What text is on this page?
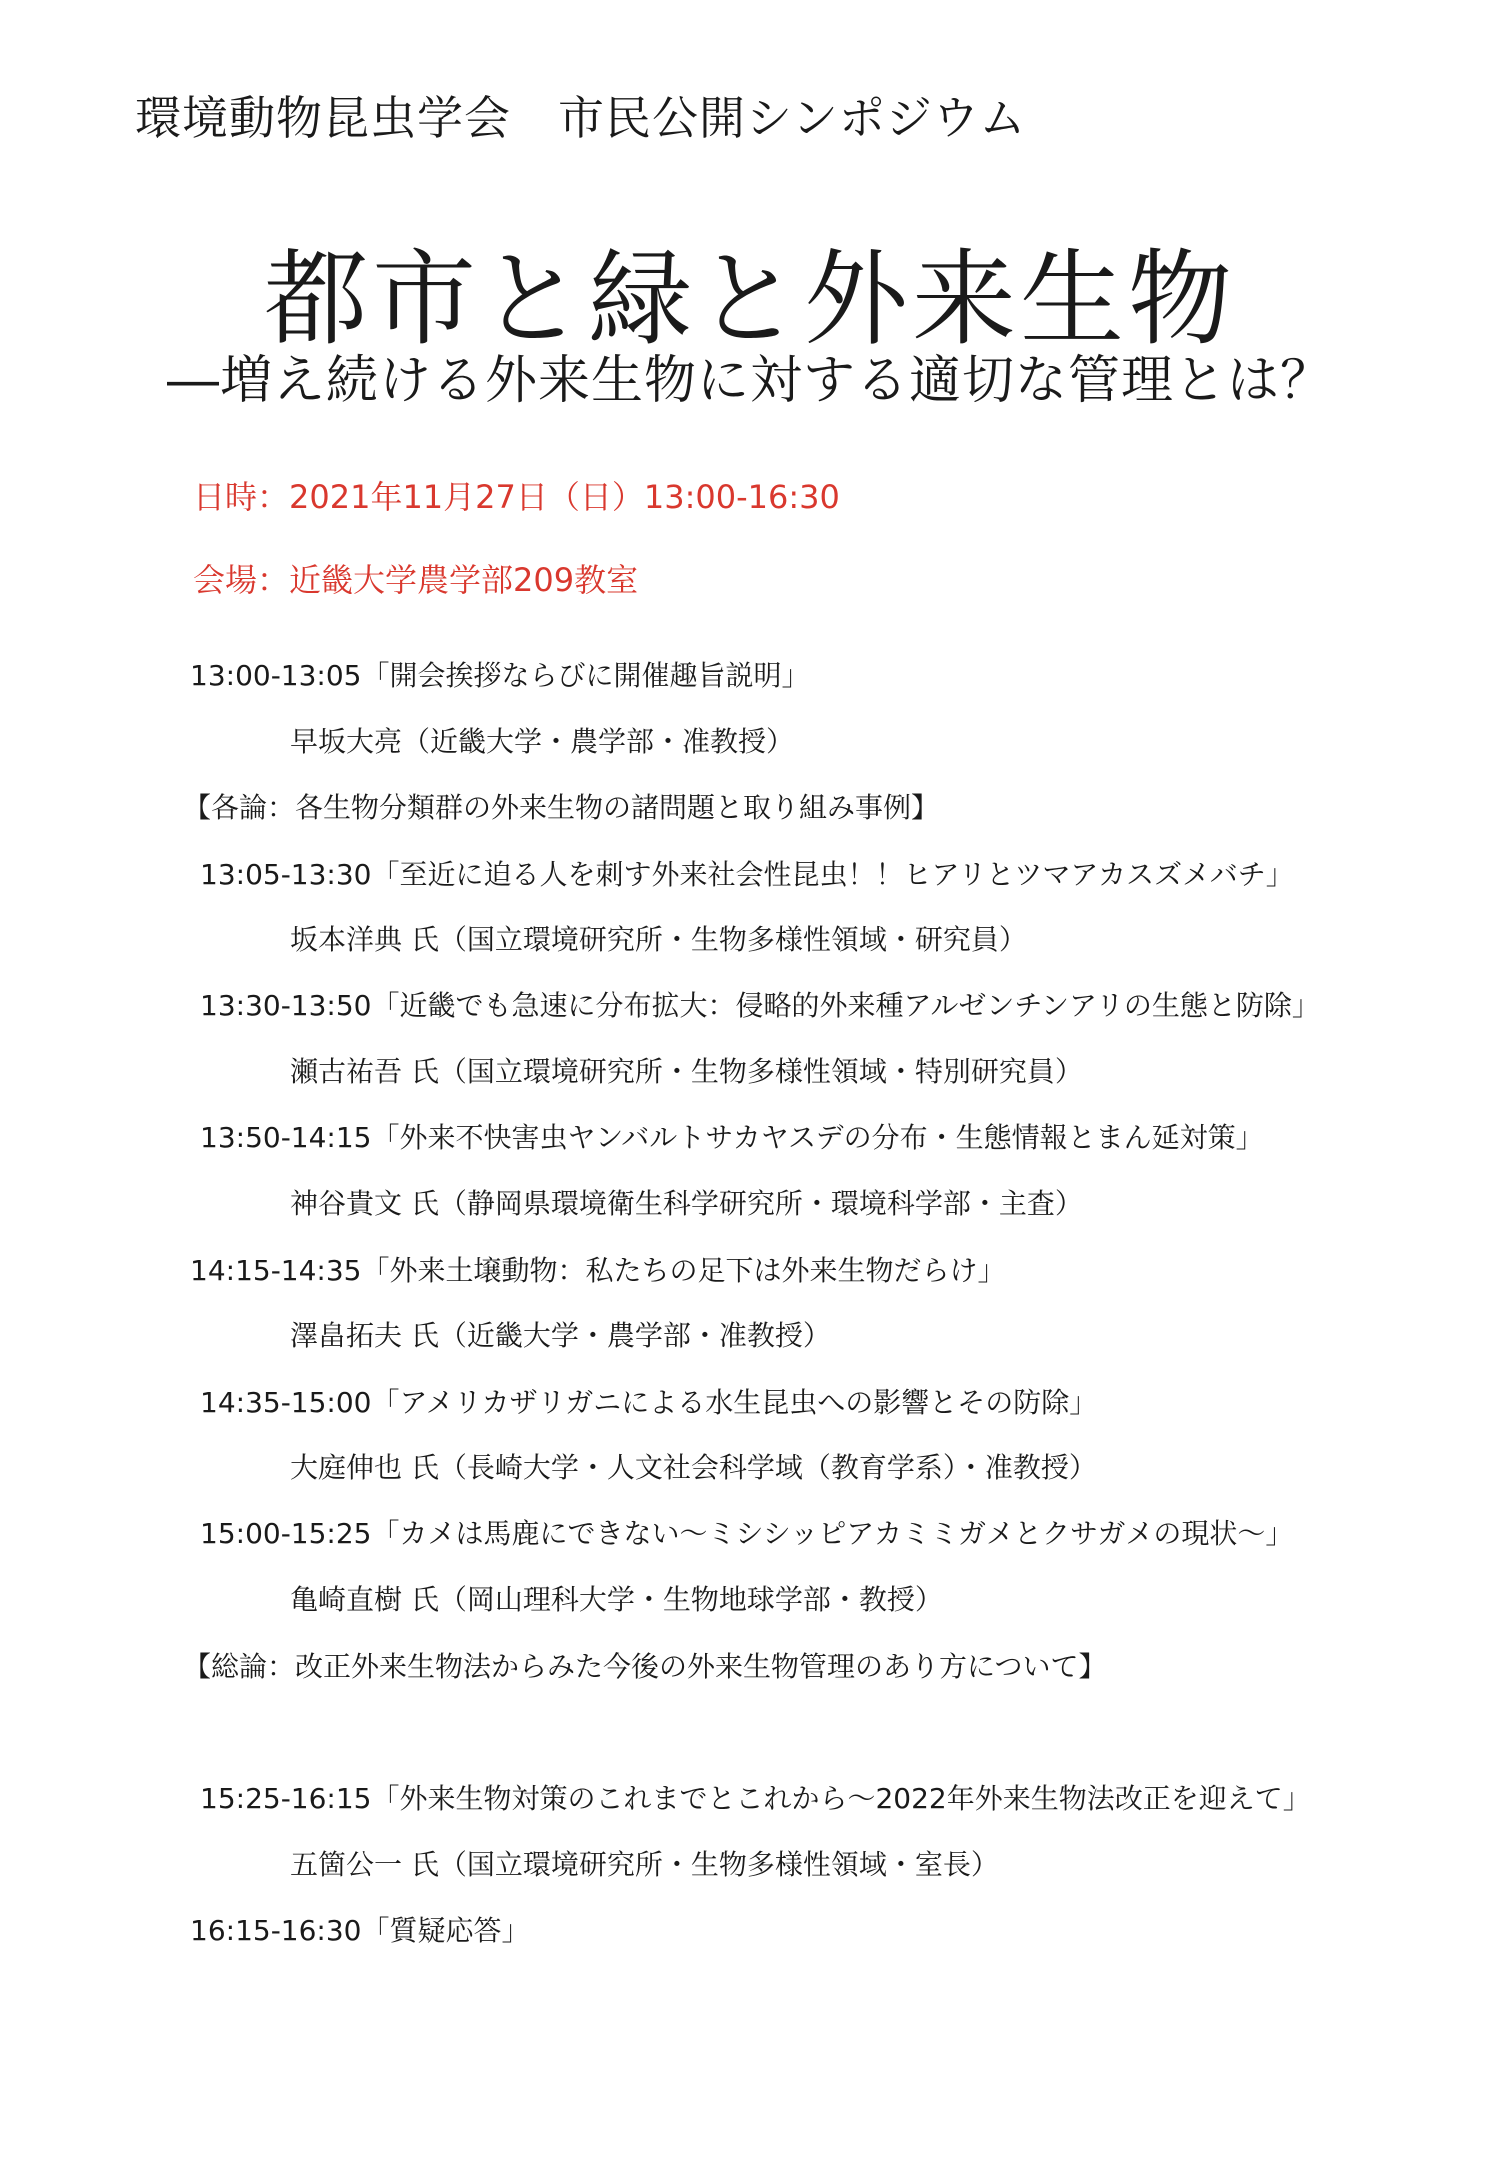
環境動物昆虫学会　市民公開シンポジウム
都市と緑と外来生物
―増え続ける外来生物に対する適切な管理とは？
日時：2021年11月27日（日）13:00-16:30
会場：近畿大学農学部209教室
13:00-13:05「開会挨拶ならびに開催趣旨説明」
早坂大亮（近畿大学・農学部・准教授）
【各論：各生物分類群の外来生物の諸問題と取り組み事例】
13:05-13:30「至近に迫る人を刺す外来社会性昆虫！！ヒアリとツマアカスズメバチ」
坂本洋典 氏（国立環境研究所・生物多様性領域・研究員）
13:30-13:50「近畿でも急速に分布拡大：侵略的外来種アルゼンチンアリの生態と防除」
瀬古祐吾 氏（国立環境研究所・生物多様性領域・特別研究員）
13:50-14:15「外来不快害虫ヤンバルトサカヤスデの分布・生態情報とまん延対策」
神谷貴文 氏（静岡県環境衛生科学研究所・環境科学部・主査）
14:15-14:35「外来土壌動物：私たちの足下は外来生物だらけ」
澤畠拓夫 氏（近畿大学・農学部・准教授）
14:35-15:00「アメリカザリガニによる水生昆虫への影響とその防除」
大庭伸也 氏（長崎大学・人文社会科学域（教育学系）・准教授）
15:00-15:25「カメは馬鹿にできない～ミシシッピアカミミガメとクサガメの現状～」
亀崎直樹 氏（岡山理科大学・生物地球学部・教授）
【総論：改正外来生物法からみた今後の外来生物管理のあり方について】
15:25-16:15「外来生物対策のこれまでとこれから～2022年外来生物法改正を迎えて」
五箇公一 氏（国立環境研究所・生物多様性領域・室長）
16:15-16:30「質疑応答」
